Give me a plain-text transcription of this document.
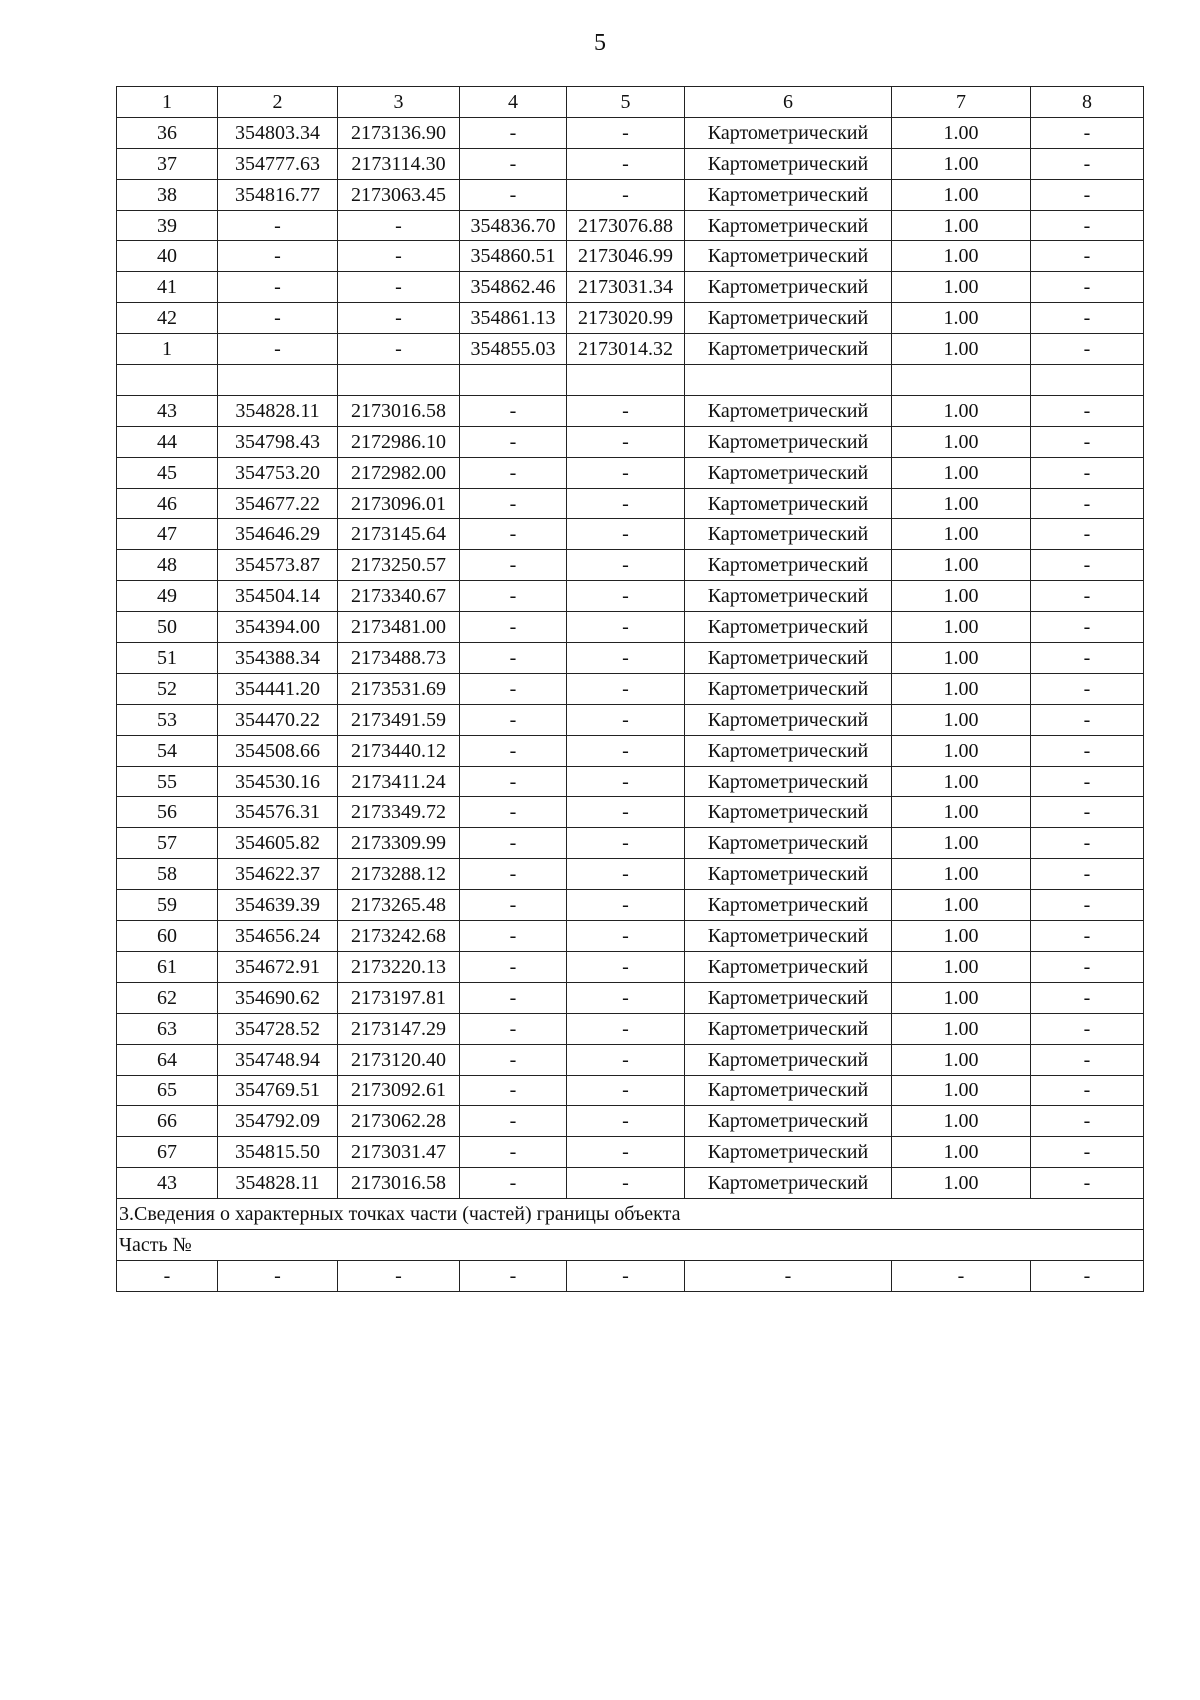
5
1	2	3	4	5	6	7	8
36	354803.34	2173136.90	-	-	Картометрический	1.00	-
37	354777.63	2173114.30	-	-	Картометрический	1.00	-
38	354816.77	2173063.45	-	-	Картометрический	1.00	-
39	-	-	354836.70	2173076.88	Картометрический	1.00	-
40	-	-	354860.51	2173046.99	Картометрический	1.00	-
41	-	-	354862.46	2173031.34	Картометрический	1.00	-
42	-	-	354861.13	2173020.99	Картометрический	1.00	-
1	-	-	354855.03	2173014.32	Картометрический	1.00	-

43	354828.11	2173016.58	-	-	Картометрический	1.00	-
44	354798.43	2172986.10	-	-	Картометрический	1.00	-
45	354753.20	2172982.00	-	-	Картометрический	1.00	-
46	354677.22	2173096.01	-	-	Картометрический	1.00	-
47	354646.29	2173145.64	-	-	Картометрический	1.00	-
48	354573.87	2173250.57	-	-	Картометрический	1.00	-
49	354504.14	2173340.67	-	-	Картометрический	1.00	-
50	354394.00	2173481.00	-	-	Картометрический	1.00	-
51	354388.34	2173488.73	-	-	Картометрический	1.00	-
52	354441.20	2173531.69	-	-	Картометрический	1.00	-
53	354470.22	2173491.59	-	-	Картометрический	1.00	-
54	354508.66	2173440.12	-	-	Картометрический	1.00	-
55	354530.16	2173411.24	-	-	Картометрический	1.00	-
56	354576.31	2173349.72	-	-	Картометрический	1.00	-
57	354605.82	2173309.99	-	-	Картометрический	1.00	-
58	354622.37	2173288.12	-	-	Картометрический	1.00	-
59	354639.39	2173265.48	-	-	Картометрический	1.00	-
60	354656.24	2173242.68	-	-	Картометрический	1.00	-
61	354672.91	2173220.13	-	-	Картометрический	1.00	-
62	354690.62	2173197.81	-	-	Картометрический	1.00	-
63	354728.52	2173147.29	-	-	Картометрический	1.00	-
64	354748.94	2173120.40	-	-	Картометрический	1.00	-
65	354769.51	2173092.61	-	-	Картометрический	1.00	-
66	354792.09	2173062.28	-	-	Картометрический	1.00	-
67	354815.50	2173031.47	-	-	Картометрический	1.00	-
43	354828.11	2173016.58	-	-	Картометрический	1.00	-
3.Сведения о характерных точках части (частей) границы объекта							
Часть №							
-	-	-	-	-	-	-	-
